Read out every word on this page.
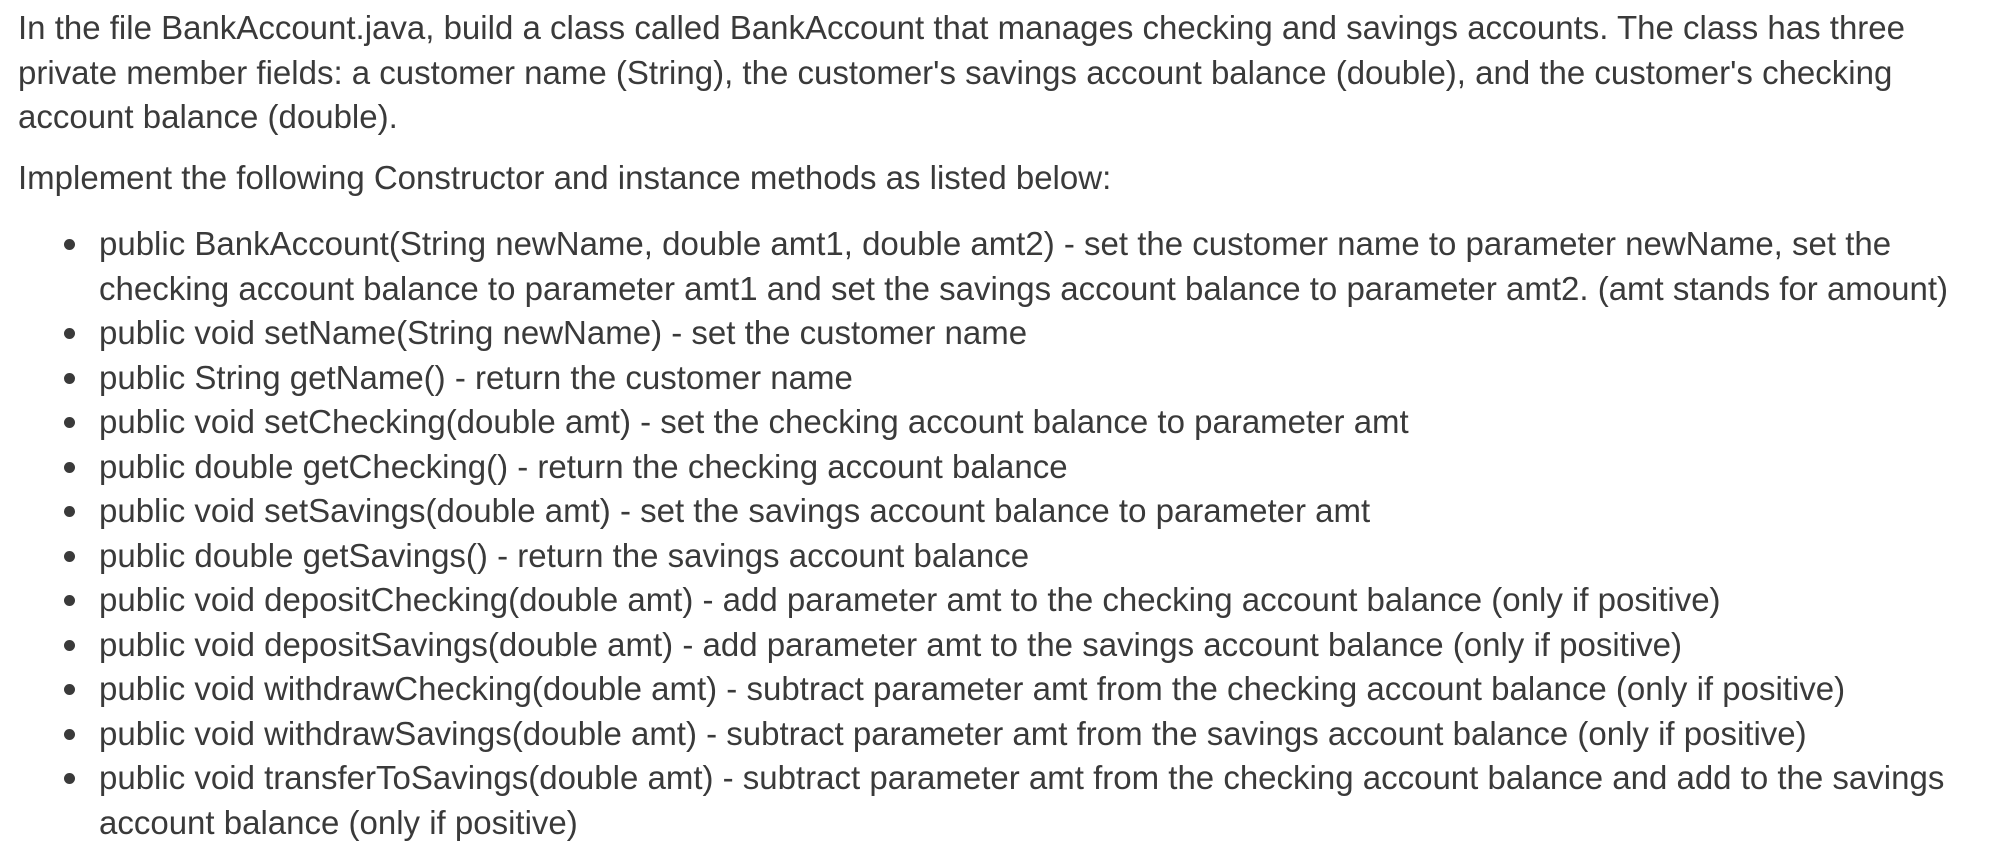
In the file BankAccount.java, build a class called BankAccount that manages checking and savings accounts. The class has three private member fields: a customer name (String), the customer's savings account balance (double), and the customer's checking account balance (double).

Implement the following Constructor and instance methods as listed below:

public BankAccount(String newName, double amt1, double amt2) - set the customer name to parameter newName, set the checking account balance to parameter amt1 and set the savings account balance to parameter amt2. (amt stands for amount)
public void setName(String newName) - set the customer name
public String getName() - return the customer name
public void setChecking(double amt) - set the checking account balance to parameter amt
public double getChecking() - return the checking account balance
public void setSavings(double amt) - set the savings account balance to parameter amt
public double getSavings() - return the savings account balance
public void depositChecking(double amt) - add parameter amt to the checking account balance (only if positive)
public void depositSavings(double amt) - add parameter amt to the savings account balance (only if positive)
public void withdrawChecking(double amt) - subtract parameter amt from the checking account balance (only if positive)
public void withdrawSavings(double amt) - subtract parameter amt from the savings account balance (only if positive)
public void transferToSavings(double amt) - subtract parameter amt from the checking account balance and add to the savings account balance (only if positive)
